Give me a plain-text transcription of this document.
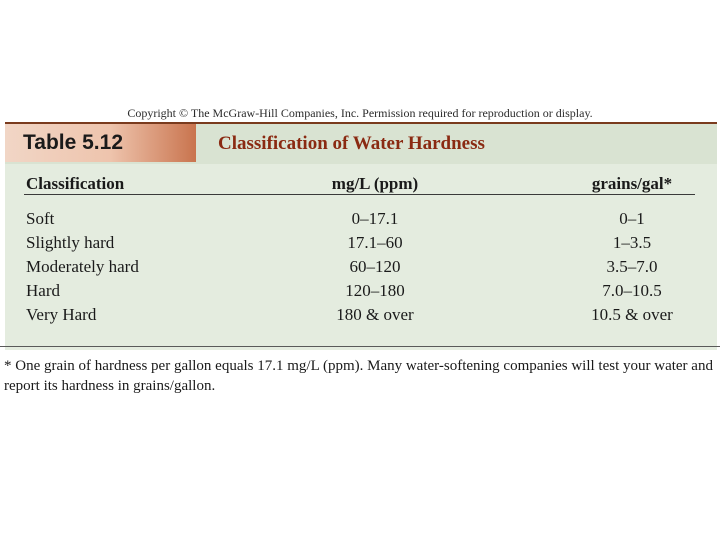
Copyright © The McGraw-Hill Companies, Inc. Permission required for reproduction or display.
Table 5.12	Classification of Water Hardness
Classification	mg/L (ppm)	grains/gal*
Soft	0–17.1	0–1
Slightly hard	17.1–60	1–3.5
Moderately hard	60–120	3.5–7.0
Hard	120–180	7.0–10.5
Very Hard	180 & over	10.5 & over
* One grain of hardness per gallon equals 17.1 mg/L (ppm). Many water-softening companies will test your water and report its hardness in grains/gallon.
